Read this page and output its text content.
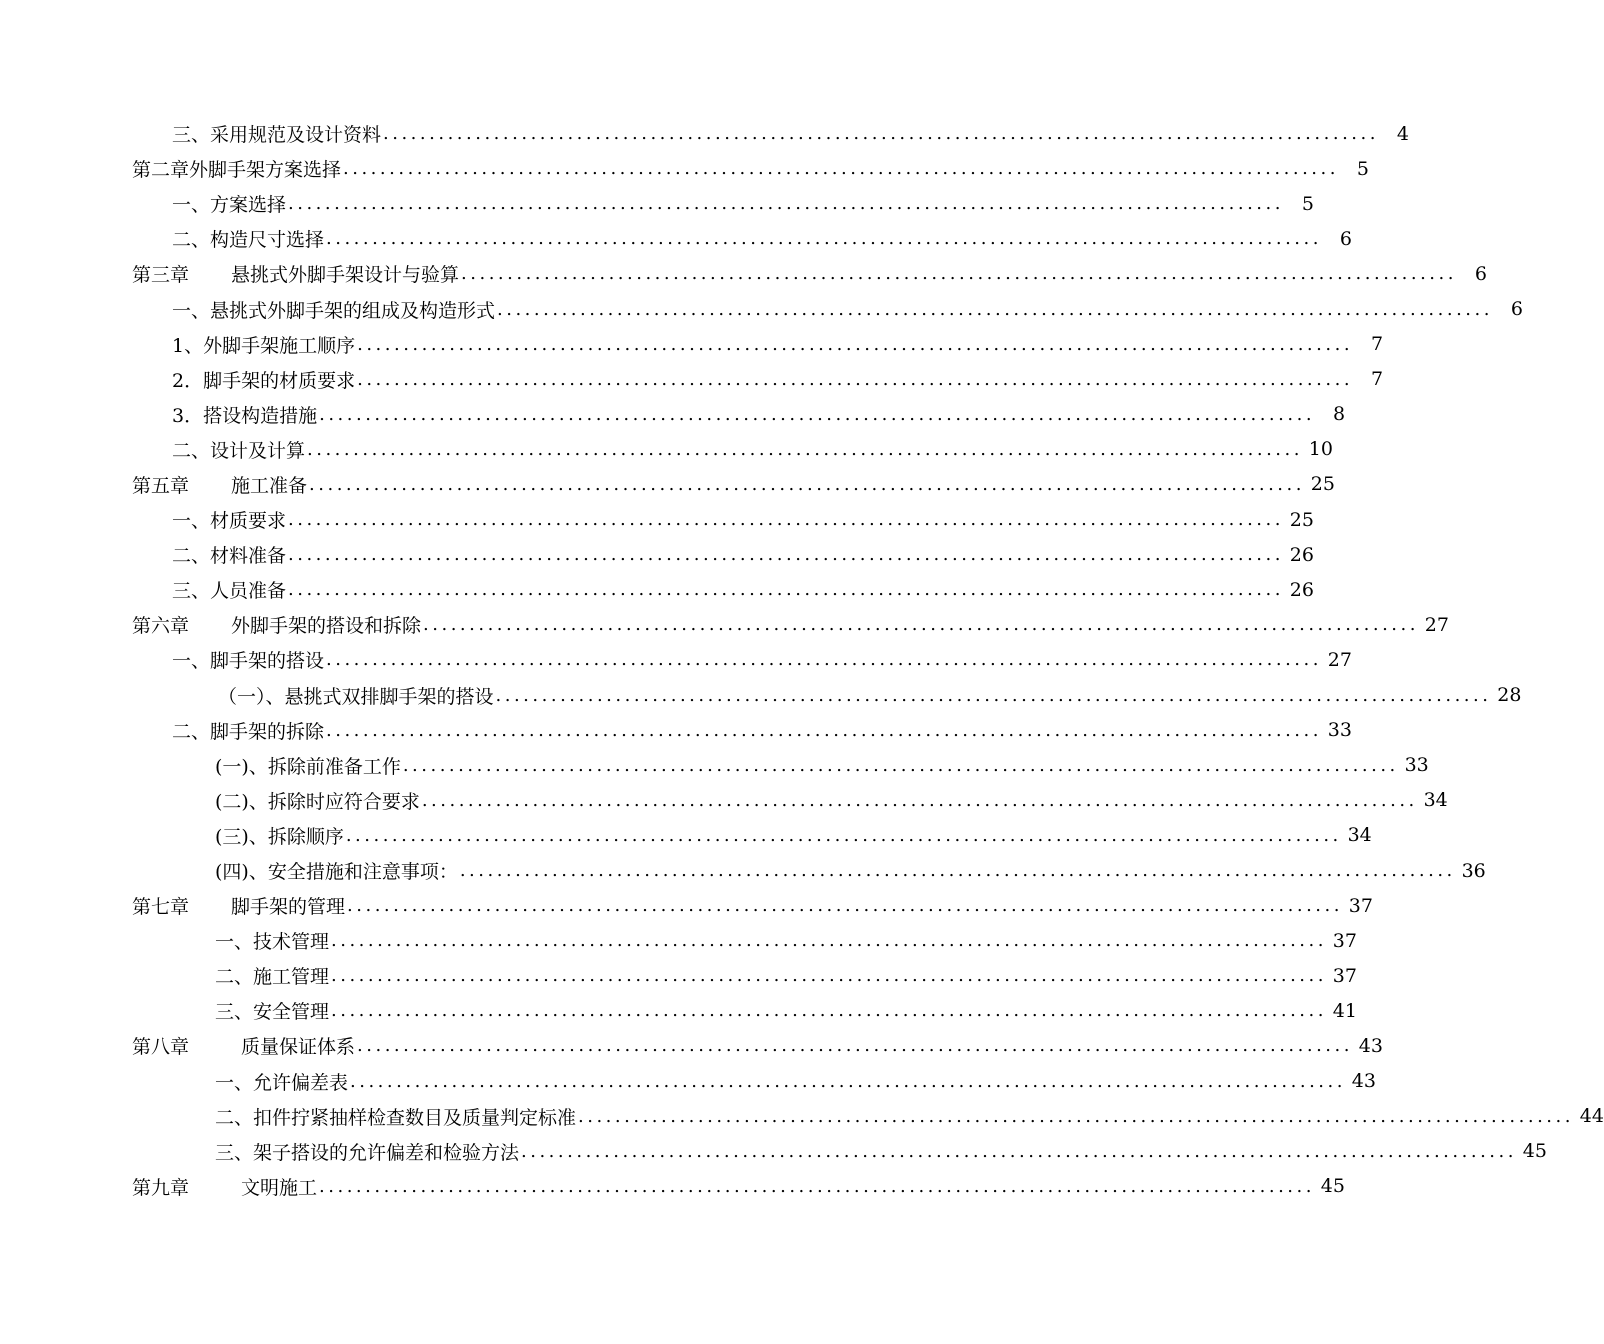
三、采用规范及设计资料 ............................................................................................................ 4
第二章外脚手架方案选择 ............................................................................................................ 5
一、方案选择 ............................................................................................................ 5
二、构造尺寸选择 ............................................................................................................ 6
第三章 悬挑式外脚手架设计与验算 ............................................................................................................ 6
一、悬挑式外脚手架的组成及构造形式 ............................................................................................................ 6
1、外脚手架施工顺序 ............................................................................................................ 7
2．脚手架的材质要求 ............................................................................................................ 7
3．搭设构造措施 ............................................................................................................ 8
二、设计及计算 ............................................................................................................ 10
第五章 施工准备 ............................................................................................................ 25
一、材质要求 ............................................................................................................ 25
二、材料准备 ............................................................................................................ 26
三、人员准备 ............................................................................................................ 26
第六章 外脚手架的搭设和拆除 ............................................................................................................ 27
一、脚手架的搭设 ............................................................................................................ 27
（一）、悬挑式双排脚手架的搭设 ............................................................................................................ 28
二、脚手架的拆除 ............................................................................................................ 33
(一)、拆除前准备工作 ............................................................................................................ 33
(二)、拆除时应符合要求 ............................................................................................................ 34
(三)、拆除顺序 ............................................................................................................ 34
(四)、安全措施和注意事项： ............................................................................................................ 36
第七章 脚手架的管理 ............................................................................................................ 37
一、技术管理 ............................................................................................................ 37
二、施工管理 ............................................................................................................ 37
三、安全管理 ............................................................................................................ 41
第八章	质量保证体系 ............................................................................................................ 43
一、允许偏差表 ............................................................................................................ 43
二、扣件拧紧抽样检查数目及质量判定标准 ............................................................................................................ 44
三、架子搭设的允许偏差和检验方法 ............................................................................................................ 45
第九章	文明施工 ............................................................................................................ 45
